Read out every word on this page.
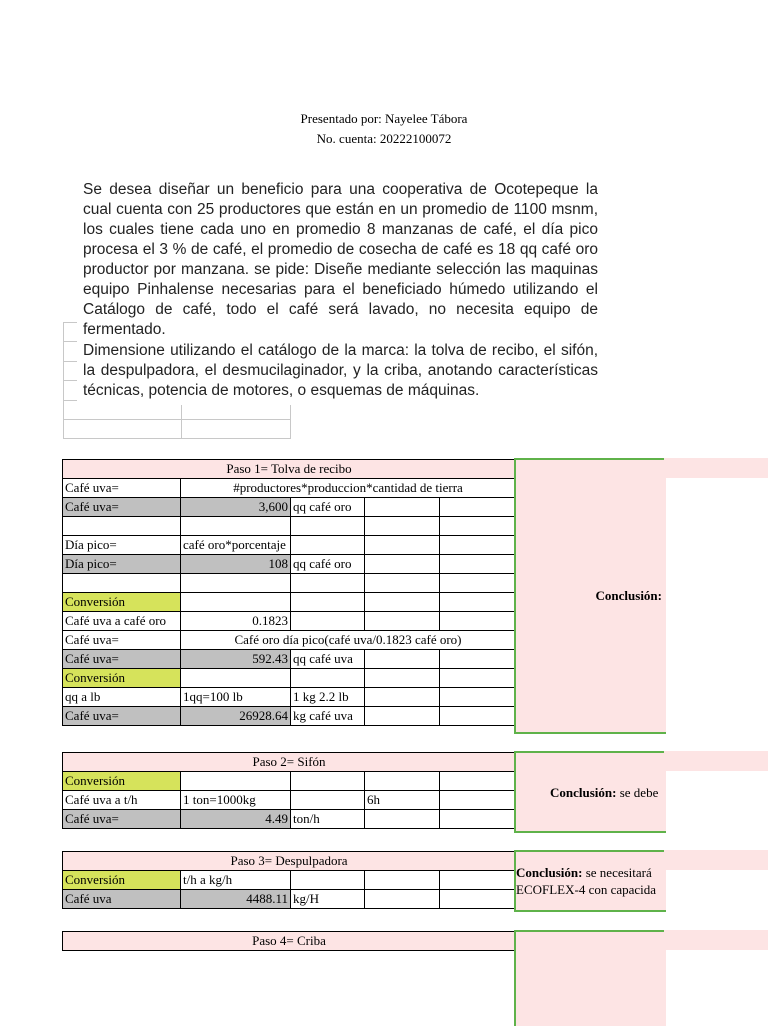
Presentado por: Nayelee Tábora
No. cuenta: 20222100072

Se desea diseñar un beneficio para una cooperativa de Ocotepeque la cual cuenta con 25 productores que están en un promedio de 1100 msnm, los cuales tiene cada uno en promedio 8 manzanas de café, el día pico procesa el 3 % de café, el promedio de cosecha de café es 18 qq café oro productor por manzana. se pide: Diseñe mediante selección las maquinas equipo Pinhalense necesarias para el beneficiado húmedo utilizando el Catálogo de café, todo el café será lavado, no necesita equipo de fermentado.

Dimensione utilizando el catálogo de la marca: la tolva de recibo, el sifón, la despulpadora, el desmucilaginador, y la criba, anotando características técnicas, potencia de motores, o esquemas de máquinas.

Paso 1= Tolva de recibo				
Café uva=	#productores*produccion*cantidad de tierra			
Café uva=	3,600	qq café oro		

Día pico=	café oro*porcentaje			
Día pico=	108	qq café oro		

Conversión				
Café uva a café oro	0.1823			
Café uva=	Café oro día pico(café uva/0.1823 café oro)			
Café uva=	592.43	qq café uva		
Conversión				
qq a lb	1qq=100 lb	1 kg 2.2 lb		
Café uva=	26928.64	kg café uva		
Conclusión:
Paso 2= Sifón				
Conversión				
Café uva a t/h	1 ton=1000kg		6h	
Café uva=	4.49	ton/h		
Conclusión: se debe
Paso 3= Despulpadora				
Conversión	t/h a kg/h			
Café uva	4488.11	kg/H		
Conclusión: se necesitará
ECOFLEX-4 con capacida
Paso 4= Criba
